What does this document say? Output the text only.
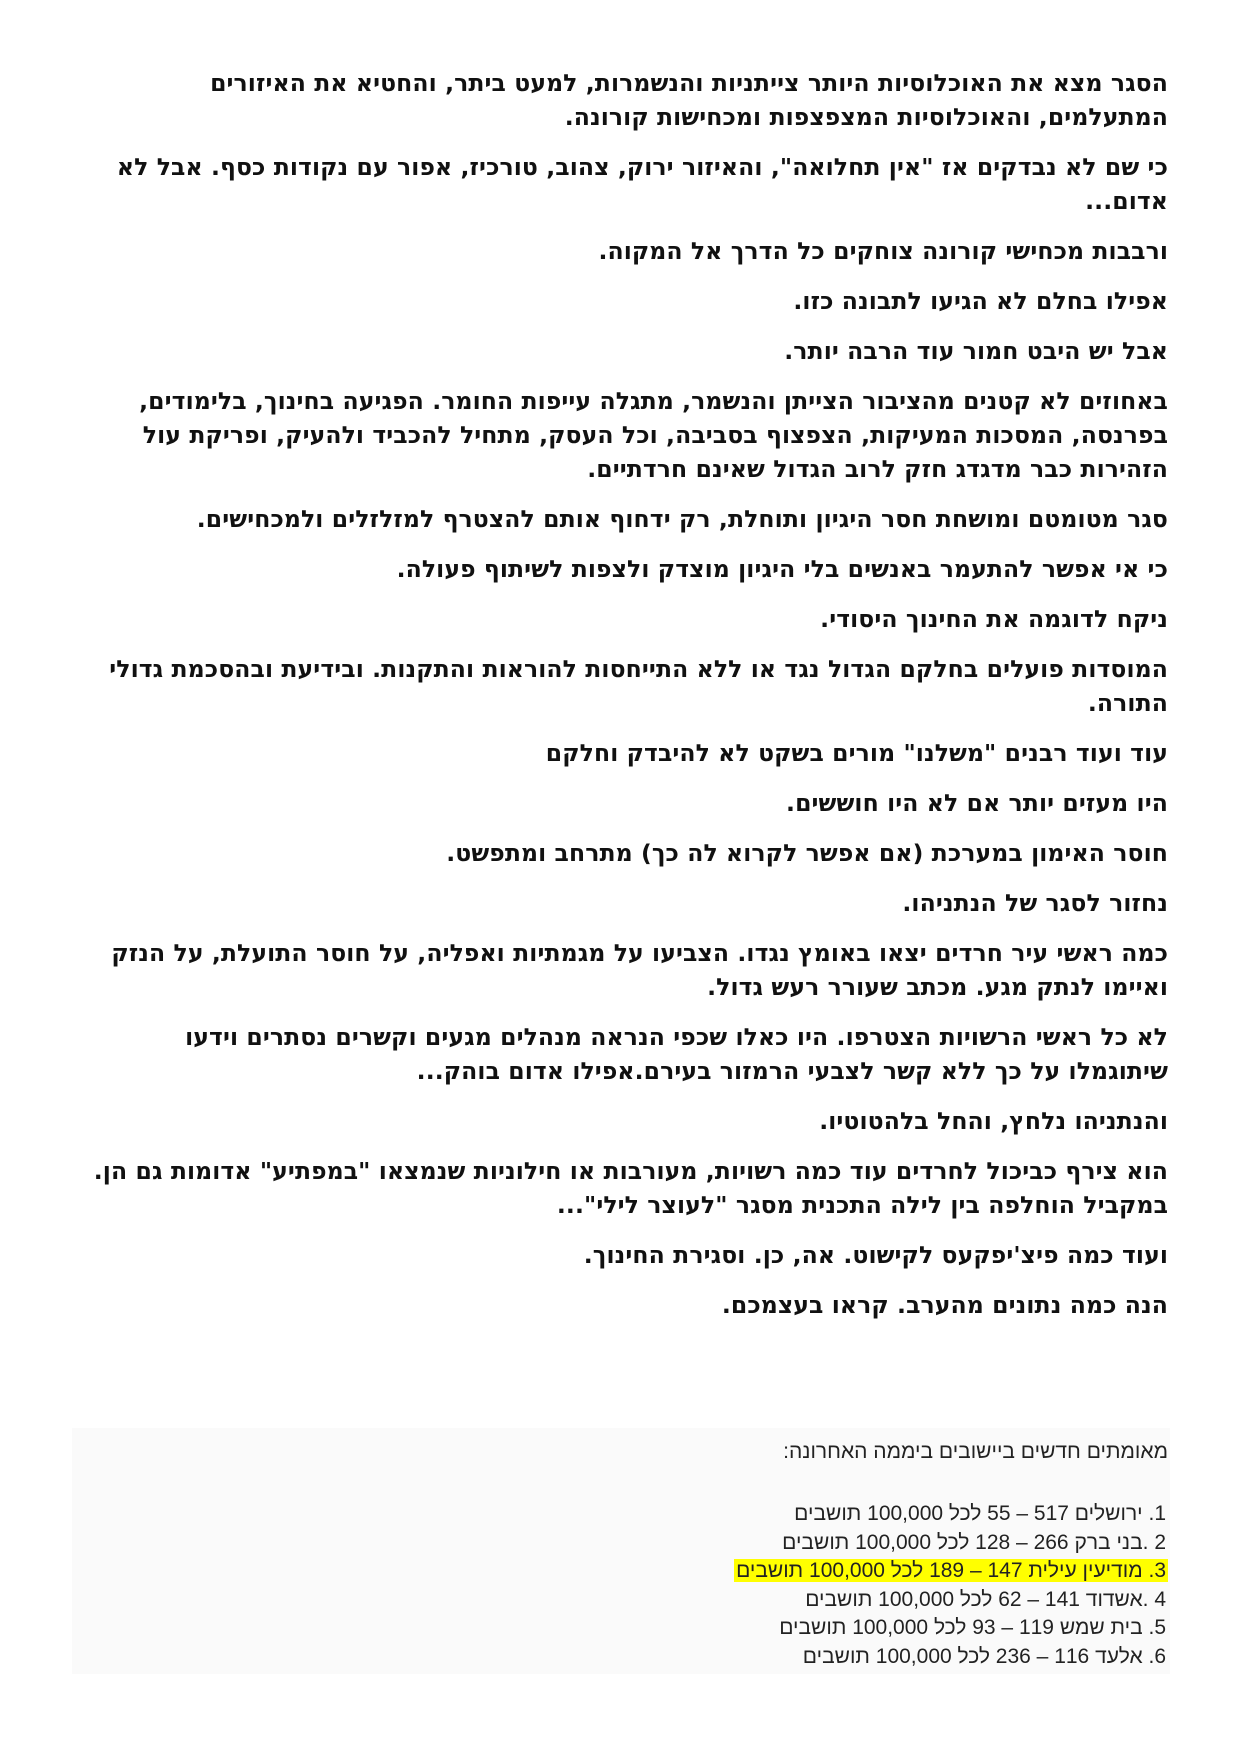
הסגר מצא את האוכלוסיות היותר צייתניות והנשמרות, למעט ביתר, והחטיא את האיזורים המתעלמים, והאוכלוסיות המצפצפות ומכחישות קורונה.

כי שם לא נבדקים אז "אין תחלואה", והאיזור ירוק, צהוב, טורכיז, אפור עם נקודות כסף. אבל לא אדום...

ורבבות מכחישי קורונה צוחקים כל הדרך אל המקוה.

אפילו בחלם לא הגיעו לתבונה כזו.

אבל יש היבט חמור עוד הרבה יותר.

באחוזים לא קטנים מהציבור הצייתן והנשמר, מתגלה עייפות החומר. הפגיעה בחינוך, בלימודים, בפרנסה, המסכות המעיקות, הצפצוף בסביבה, וכל העסק, מתחיל להכביד ולהעיק, ופריקת עול הזהירות כבר מדגדג חזק לרוב הגדול שאינם חרדתיים.

סגר מטומטם ומושחת חסר היגיון ותוחלת, רק ידחוף אותם להצטרף למזלזלים ולמכחישים.

כי אי אפשר להתעמר באנשים בלי היגיון מוצדק ולצפות לשיתוף פעולה.

ניקח לדוגמה את החינוך היסודי.

המוסדות פועלים בחלקם הגדול נגד או ללא התייחסות להוראות והתקנות. ובידיעת ובהסכמת גדולי התורה.

עוד ועוד רבנים "משלנו" מורים בשקט לא להיבדק וחלקם

היו מעזים יותר אם לא היו חוששים.

חוסר האימון במערכת (אם אפשר לקרוא לה כך) מתרחב ומתפשט.

נחזור לסגר של הנתניהו.

כמה ראשי עיר חרדים יצאו באומץ נגדו. הצביעו על מגמתיות ואפליה, על חוסר התועלת, על הנזק ואיימו לנתק מגע. מכתב שעורר רעש גדול.

לא כל ראשי הרשויות הצטרפו. היו כאלו שכפי הנראה מנהלים מגעים וקשרים נסתרים וידעו שיתוגמלו על כך ללא קשר לצבעי הרמזור בעירם.אפילו אדום בוהק...

והנתניהו נלחץ, והחל בלהטוטיו.

הוא צירף כביכול לחרדים עוד כמה רשויות, מעורבות או חילוניות שנמצאו "במפתיע" אדומות גם הן. במקביל הוחלפה בין לילה התכנית מסגר "לעוצר לילי"...

ועוד כמה פיצ'יפקעס לקישוט. אה, כן. וסגירת החינוך.

הנה כמה נתונים מהערב. קראו בעצמכם.

מאומתים חדשים ביישובים ביממה האחרונה:
1. ירושלים 517 – 55 לכל 100,000 תושבים
2 .בני ברק 266 – 128 לכל 100,000 תושבים
3. מודיעין עילית 147 – 189 לכל 100,000 תושבים
4 .אשדוד 141 – 62 לכל 100,000 תושבים
5. בית שמש 119 – 93 לכל 100,000 תושבים
6. אלעד 116 – 236 לכל 100,000 תושבים
